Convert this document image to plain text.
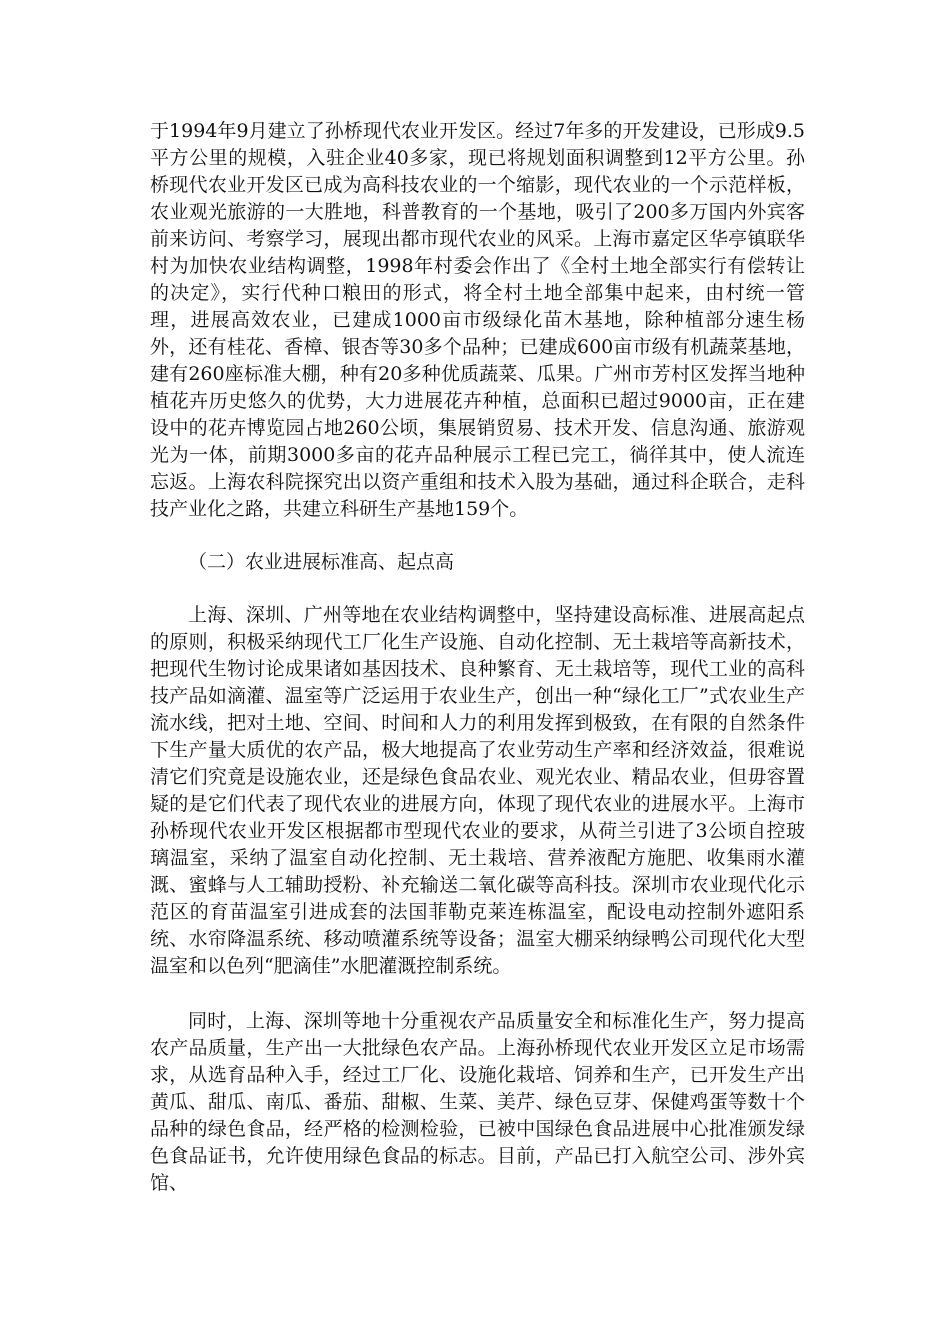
于1994年9月建立了孙桥现代农业开发区。经过7年多的开发建设，已形成9.5平方公里的规模，入驻企业40多家，现已将规划面积调整到12平方公里。孙桥现代农业开发区已成为高科技农业的一个缩影，现代农业的一个示范样板，农业观光旅游的一大胜地，科普教育的一个基地，吸引了200多万国内外宾客前来访问、考察学习，展现出都市现代农业的风采。上海市嘉定区华亭镇联华村为加快农业结构调整，1998年村委会作出了《全村土地全部实行有偿转让的决定》，实行代种口粮田的形式，将全村土地全部集中起来，由村统一管理，进展高效农业，已建成1000亩市级绿化苗木基地，除种植部分速生杨外，还有桂花、香樟、银杏等30多个品种；已建成600亩市级有机蔬菜基地，建有260座标准大棚，种有20多种优质蔬菜、瓜果。广州市芳村区发挥当地种植花卉历史悠久的优势，大力进展花卉种植，总面积已超过9000亩，正在建设中的花卉博览园占地260公顷，集展销贸易、技术开发、信息沟通、旅游观光为一体，前期3000多亩的花卉品种展示工程已完工，徜徉其中，使人流连忘返。上海农科院探究出以资产重组和技术入股为基础，通过科企联合，走科技产业化之路，共建立科研生产基地159个。

（二）农业进展标准高、起点高

上海、深圳、广州等地在农业结构调整中，坚持建设高标准、进展高起点的原则，积极采纳现代工厂化生产设施、自动化控制、无土栽培等高新技术，把现代生物讨论成果诸如基因技术、良种繁育、无土栽培等，现代工业的高科技产品如滴灌、温室等广泛运用于农业生产，创出一种“绿化工厂”式农业生产流水线，把对土地、空间、时间和人力的利用发挥到极致，在有限的自然条件下生产量大质优的农产品，极大地提高了农业劳动生产率和经济效益，很难说清它们究竟是设施农业，还是绿色食品农业、观光农业、精品农业，但毋容置疑的是它们代表了现代农业的进展方向，体现了现代农业的进展水平。上海市孙桥现代农业开发区根据都市型现代农业的要求，从荷兰引进了3公顷自控玻璃温室，采纳了温室自动化控制、无土栽培、营养液配方施肥、收集雨水灌溉、蜜蜂与人工辅助授粉、补充输送二氧化碳等高科技。深圳市农业现代化示范区的育苗温室引进成套的法国菲勒克莱连栋温室，配设电动控制外遮阳系统、水帘降温系统、移动喷灌系统等设备；温室大棚采纳绿鸭公司现代化大型温室和以色列“肥滴佳”水肥灌溉控制系统。

同时，上海、深圳等地十分重视农产品质量安全和标准化生产，努力提高农产品质量，生产出一大批绿色农产品。上海孙桥现代农业开发区立足市场需求，从选育品种入手，经过工厂化、设施化栽培、饲养和生产，已开发生产出黄瓜、甜瓜、南瓜、番茄、甜椒、生菜、美芹、绿色豆芽、保健鸡蛋等数十个品种的绿色食品，经严格的检测检验，已被中国绿色食品进展中心批准颁发绿色食品证书，允许使用绿色食品的标志。目前，产品已打入航空公司、涉外宾馆、
